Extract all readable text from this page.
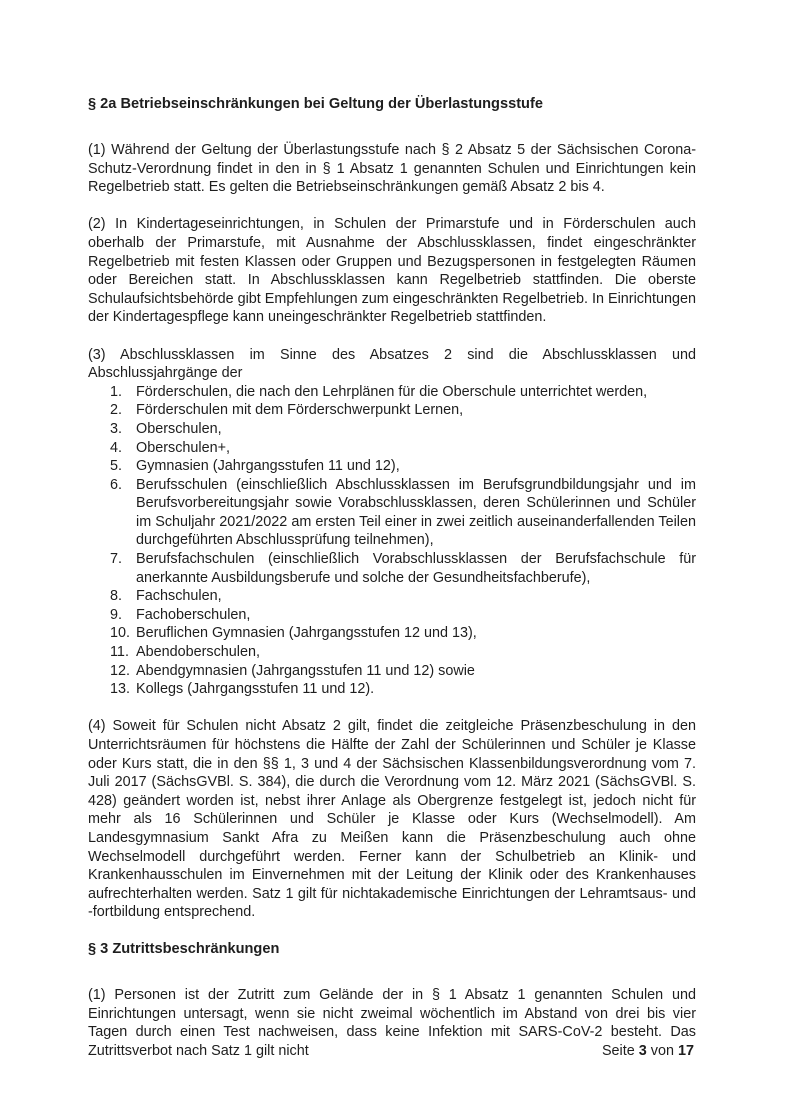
§ 2a Betriebseinschränkungen bei Geltung der Überlastungsstufe

(1) Während der Geltung der Überlastungsstufe nach § 2 Absatz 5 der Sächsischen Corona-Schutz-Verordnung findet in den in § 1 Absatz 1 genannten Schulen und Einrichtungen kein Regelbetrieb statt. Es gelten die Betriebseinschränkungen gemäß Absatz 2 bis 4.

(2) In Kindertageseinrichtungen, in Schulen der Primarstufe und in Förderschulen auch oberhalb der Primarstufe, mit Ausnahme der Abschlussklassen, findet eingeschränkter Regelbetrieb mit festen Klassen oder Gruppen und Bezugspersonen in festgelegten Räumen oder Bereichen statt. In Abschlussklassen kann Regelbetrieb stattfinden. Die oberste Schulaufsichtsbehörde gibt Empfehlungen zum eingeschränkten Regelbetrieb. In Einrichtungen der Kindertagespflege kann uneingeschränkter Regelbetrieb stattfinden.

(3) Abschlussklassen im Sinne des Absatzes 2 sind die Abschlussklassen und Abschlussjahrgänge der

1. Förderschulen, die nach den Lehrplänen für die Oberschule unterrichtet werden,
2. Förderschulen mit dem Förderschwerpunkt Lernen,
3. Oberschulen,
4. Oberschulen+,
5. Gymnasien (Jahrgangsstufen 11 und 12),
6. Berufsschulen (einschließlich Abschlussklassen im Berufsgrundbildungsjahr und im Berufsvorbereitungsjahr sowie Vorabschlussklassen, deren Schülerinnen und Schüler im Schuljahr 2021/2022 am ersten Teil einer in zwei zeitlich auseinanderfallenden Teilen durchgeführten Abschlussprüfung teilnehmen),
7. Berufsfachschulen (einschließlich Vorabschlussklassen der Berufsfachschule für anerkannte Ausbildungsberufe und solche der Gesundheitsfachberufe),
8. Fachschulen,
9. Fachoberschulen,
10. Beruflichen Gymnasien (Jahrgangsstufen 12 und 13),
11. Abendoberschulen,
12. Abendgymnasien (Jahrgangsstufen 11 und 12) sowie
13. Kollegs (Jahrgangsstufen 11 und 12).

(4) Soweit für Schulen nicht Absatz 2 gilt, findet die zeitgleiche Präsenzbeschulung in den Unterrichtsräumen für höchstens die Hälfte der Zahl der Schülerinnen und Schüler je Klasse oder Kurs statt, die in den §§ 1, 3 und 4 der Sächsischen Klassenbildungsverordnung vom 7. Juli 2017 (SächsGVBl. S. 384), die durch die Verordnung vom 12. März 2021 (SächsGVBl. S. 428) geändert worden ist, nebst ihrer Anlage als Obergrenze festgelegt ist, jedoch nicht für mehr als 16 Schülerinnen und Schüler je Klasse oder Kurs (Wechselmodell). Am Landesgymnasium Sankt Afra zu Meißen kann die Präsenzbeschulung auch ohne Wechselmodell durchgeführt werden. Ferner kann der Schulbetrieb an Klinik- und Krankenhausschulen im Einvernehmen mit der Leitung der Klinik oder des Krankenhauses aufrechterhalten werden. Satz 1 gilt für nichtakademische Einrichtungen der Lehramtsaus- und -fortbildung entsprechend.

§ 3 Zutrittsbeschränkungen

(1) Personen ist der Zutritt zum Gelände der in § 1 Absatz 1 genannten Schulen und Einrichtungen untersagt, wenn sie nicht zweimal wöchentlich im Abstand von drei bis vier Tagen durch einen Test nachweisen, dass keine Infektion mit SARS-CoV-2 besteht. Das Zutrittsverbot nach Satz 1 gilt nicht	Seite 3 von 17
